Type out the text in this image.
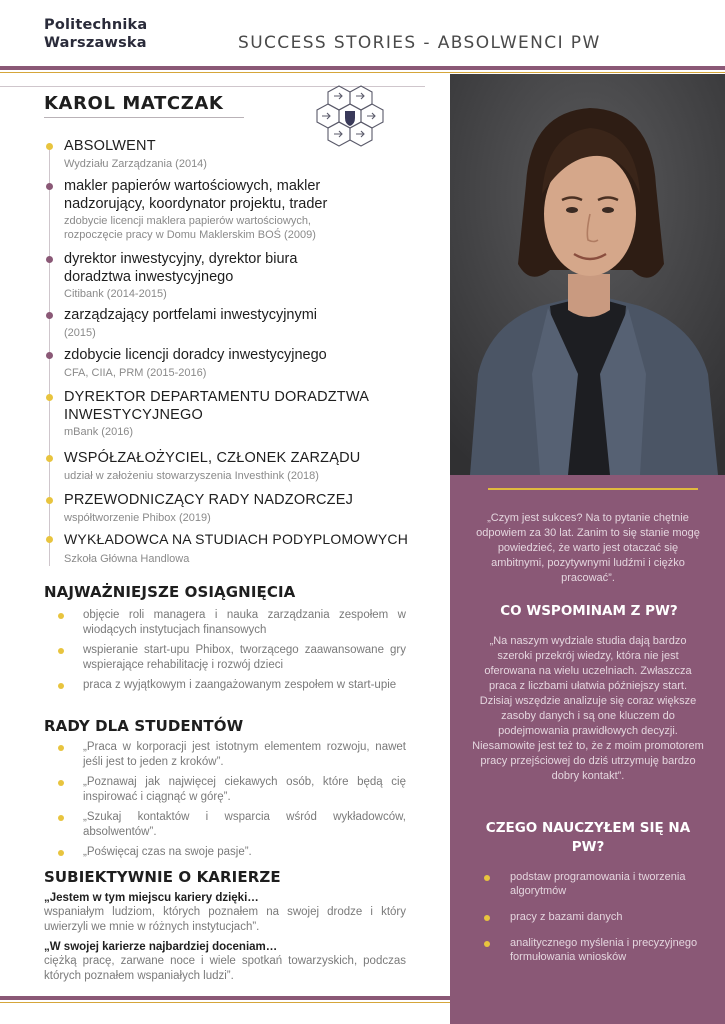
Politechnika
Warszawska	SUCCESS STORIES - ABSOLWENCI PW
KAROL MATCZAK
ABSOLWENT
Wydziału Zarządzania (2014)
makler papierów wartościowych, makler nadzorujący, koordynator projektu, trader
zdobycie licencji maklera papierów wartościowych, rozpoczęcie pracy w Domu Maklerskim BOŚ (2009)
dyrektor inwestycyjny, dyrektor biura doradztwa inwestycyjnego
Citibank (2014-2015)
zarządzający portfelami inwestycyjnymi
(2015)
zdobycie licencji doradcy inwestycyjnego
CFA, CIIA, PRM (2015-2016)
DYREKTOR DEPARTAMENTU DORADZTWA INWESTYCYJNEGO
mBank (2016)
WSPÓŁZAŁOŻYCIEL, CZŁONEK ZARZĄDU
udział w założeniu stowarzyszenia Investhink (2018)
PRZEWODNICZĄCY RADY NADZORCZEJ
współtworzenie Phibox (2019)
WYKŁADOWCA NA STUDIACH PODYPLOMOWYCH
Szkoła Główna Handlowa
NAJWAŻNIEJSZE OSIĄGNIĘCIA
objęcie roli managera i nauka zarządzania zespołem w wiodących instytucjach finansowych
wspieranie start-upu Phibox, tworzącego zaawansowane gry wspierające rehabilitację i rozwój dzieci
praca z wyjątkowym i zaangażowanym zespołem w start-upie
RADY DLA STUDENTÓW
„Praca w korporacji jest istotnym elementem rozwoju, nawet jeśli jest to jeden z kroków”.
„Poznawaj jak najwięcej ciekawych osób, które będą cię inspirować i ciągnąć w górę”.
„Szukaj kontaktów i wsparcia wśród wykładowców, absolwentów”.
„Poświęcaj czas na swoje pasje”.
SUBIEKTYWNIE O KARIERZE
„Jestem w tym miejscu kariery dzięki…
wspaniałym ludziom, których poznałem na swojej drodze i który uwierzyli we mnie w różnych instytucjach”.
„W swojej karierze najbardziej doceniam…
ciężką pracę, zarwane noce i wiele spotkań towarzyskich, podczas których poznałem wspaniałych ludzi”.
„Czym jest sukces? Na to pytanie chętnie odpowiem za 30 lat. Zanim to się stanie mogę powiedzieć, że warto jest otaczać się ambitnymi, pozytywnymi ludźmi i ciężko pracować”.
CO WSPOMINAM Z PW?
„Na naszym wydziale studia dają bardzo szeroki przekrój wiedzy, która nie jest oferowana na wielu uczelniach. Zwłaszcza praca z liczbami ułatwia późniejszy start. Dzisiaj wszędzie analizuje się coraz większe zasoby danych i są one kluczem do podejmowania prawidłowych decyzji. Niesamowite jest też to, że z moim promotorem pracy przejściowej do dziś utrzymuję bardzo dobry kontakt”.
CZEGO NAUCZYŁEM SIĘ NA PW?
podstaw programowania i tworzenia algorytmów
pracy z bazami danych
analitycznego myślenia i precyzyjnego formułowania wniosków
